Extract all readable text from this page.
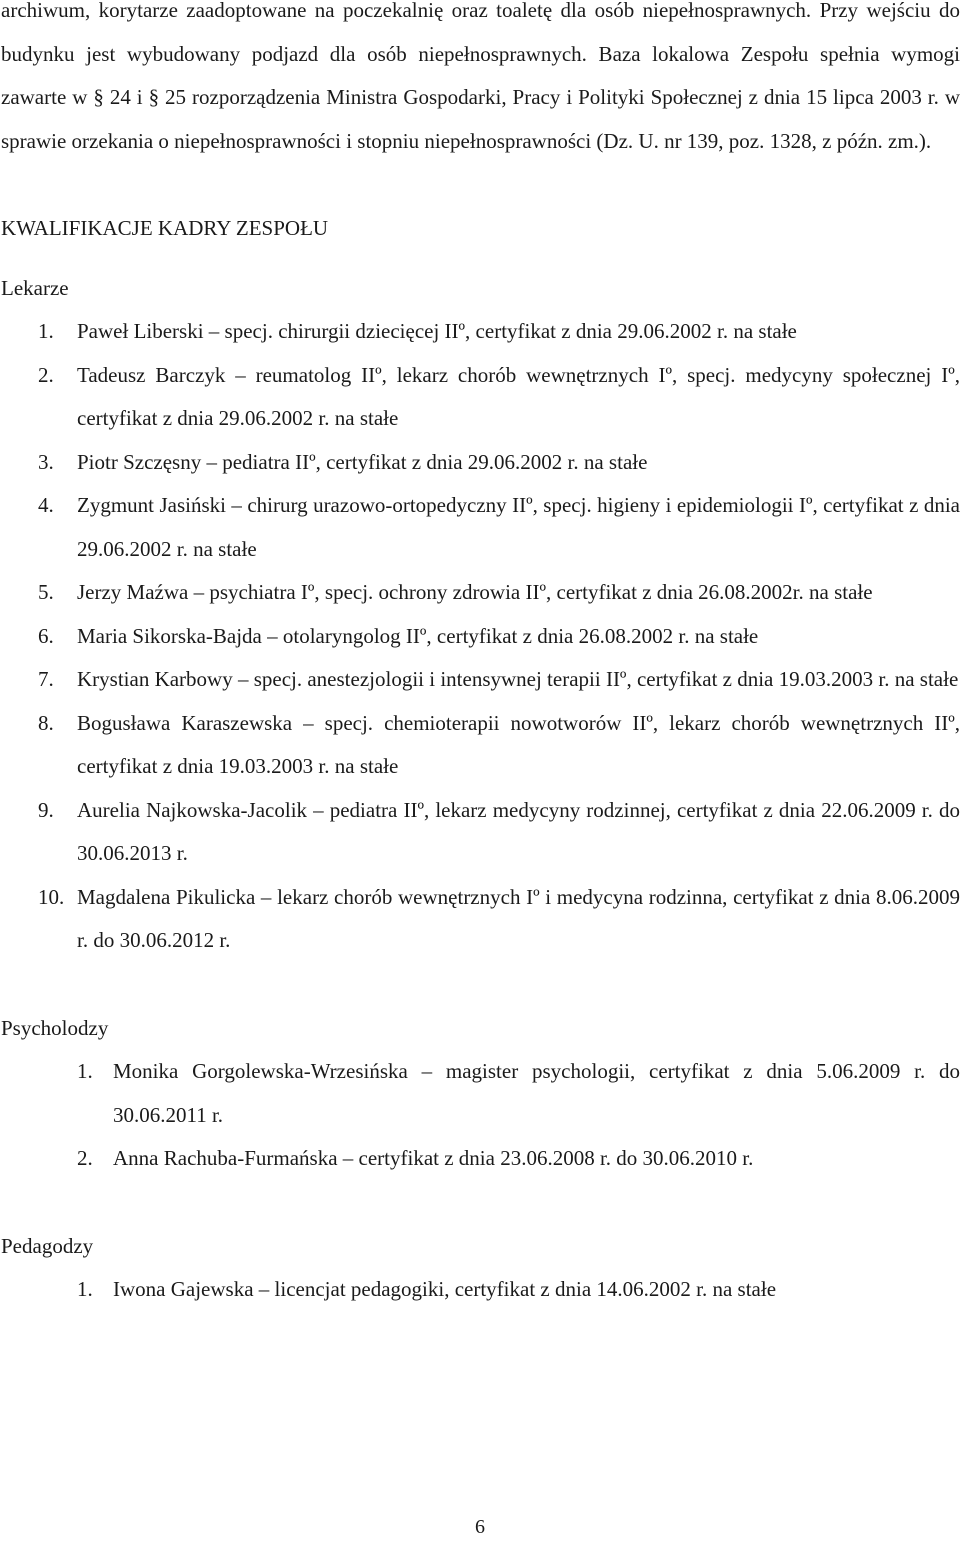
archiwum, korytarze zaadoptowane na poczekalnię oraz toaletę dla osób niepełnosprawnych. Przy wejściu do budynku jest wybudowany podjazd dla osób niepełnosprawnych. Baza lokalowa Zespołu spełnia wymogi zawarte w § 24 i § 25 rozporządzenia Ministra Gospodarki, Pracy i Polityki Społecznej z dnia 15 lipca 2003 r. w sprawie orzekania o niepełnosprawności i stopniu niepełnosprawności (Dz. U. nr 139, poz. 1328, z późn. zm.).

KWALIFIKACJE KADRY ZESPOŁU

Lekarze

1. Paweł Liberski – specj. chirurgii dziecięcej IIº, certyfikat z dnia 29.06.2002 r. na stałe
2. Tadeusz Barczyk – reumatolog IIº, lekarz chorób wewnętrznych Iº, specj. medycyny społecznej Iº, certyfikat z dnia 29.06.2002 r. na stałe
3. Piotr Szczęsny – pediatra IIº, certyfikat z dnia 29.06.2002 r. na stałe
4. Zygmunt Jasiński – chirurg urazowo-ortopedyczny IIº, specj. higieny i epidemiologii Iº, certyfikat z dnia 29.06.2002 r. na stałe
5. Jerzy Maźwa – psychiatra Iº, specj. ochrony zdrowia IIº, certyfikat z dnia 26.08.2002r. na stałe
6. Maria Sikorska-Bajda – otolaryngolog IIº, certyfikat z dnia 26.08.2002 r. na stałe
7. Krystian Karbowy – specj. anestezjologii i intensywnej terapii IIº, certyfikat z dnia 19.03.2003 r. na stałe
8. Bogusława Karaszewska – specj. chemioterapii nowotworów IIº, lekarz chorób wewnętrznych IIº, certyfikat z dnia 19.03.2003 r. na stałe
9. Aurelia Najkowska-Jacolik – pediatra IIº, lekarz medycyny rodzinnej, certyfikat z dnia 22.06.2009 r. do 30.06.2013 r.
10. Magdalena Pikulicka – lekarz chorób wewnętrznych Iº i medycyna rodzinna, certyfikat z dnia 8.06.2009 r. do 30.06.2012 r.

Psycholodzy

1. Monika Gorgolewska-Wrzesińska – magister psychologii, certyfikat z dnia 5.06.2009 r. do 30.06.2011 r.
2. Anna Rachuba-Furmańska – certyfikat z dnia 23.06.2008 r. do 30.06.2010 r.

Pedagodzy

1. Iwona Gajewska – licencjat pedagogiki, certyfikat z dnia 14.06.2002 r. na stałe
6
